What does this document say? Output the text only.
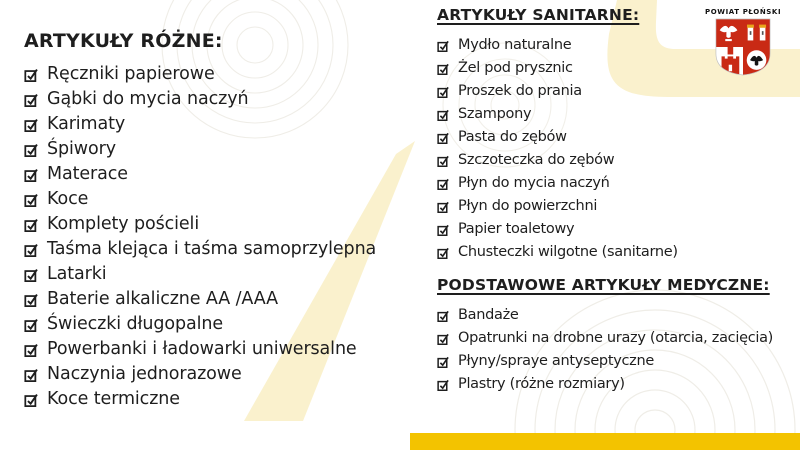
ARTYKUŁY RÓŻNE:
Ręczniki papierowe
Gąbki do mycia naczyń
Karimaty
Śpiwory
Materace
Koce
Komplety pościeli
Taśma klejąca i taśma samoprzylepna
Latarki
Baterie alkaliczne AA /AAA
Świeczki długopalne
Powerbanki i ładowarki uniwersalne
Naczynia jednorazowe
Koce termiczne
ARTYKUŁY SANITARNE:
Mydło naturalne
Żel pod prysznic
Proszek do prania
Szampony
Pasta do zębów
Szczoteczka do zębów
Płyn do mycia naczyń
Płyn do powierzchni
Papier toaletowy
Chusteczki wilgotne (sanitarne)
PODSTAWOWE ARTYKUŁY MEDYCZNE:
Bandaże
Opatrunki na drobne urazy (otarcia, zacięcia)
Płyny/spraye antyseptyczne
Plastry (różne rozmiary)
POWIAT PŁOŃSKI
